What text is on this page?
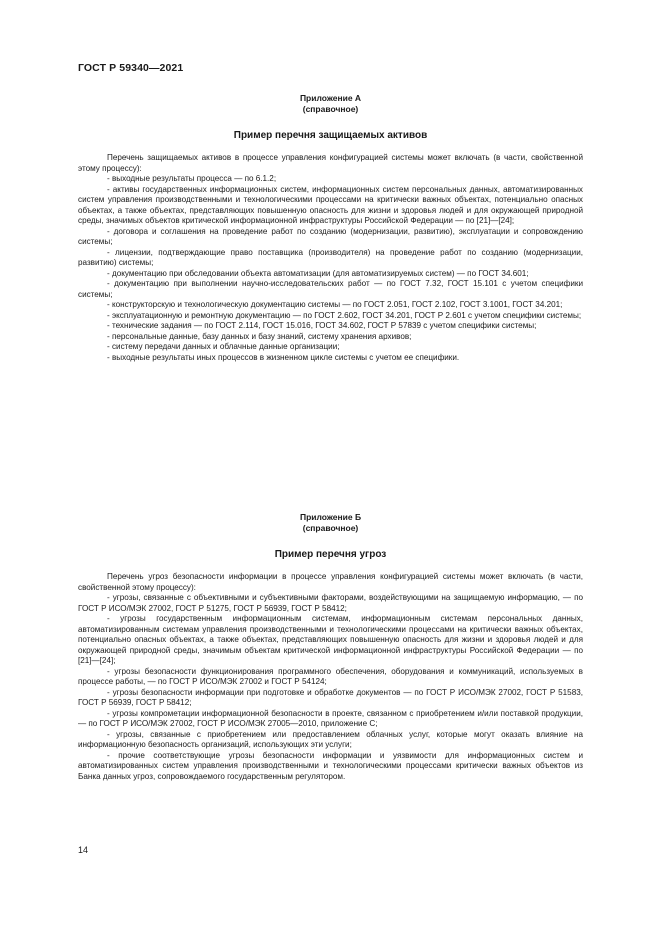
ГОСТ Р 59340—2021
Приложение А
(справочное)
Пример перечня защищаемых активов

Перечень защищаемых активов в процессе управления конфигурацией системы может включать (в части, свойственной этому процессу):

- выходные результаты процесса — по 6.1.2;

- активы государственных информационных систем, информационных систем персональных данных, автоматизированных систем управления производственными и технологическими процессами на критически важных объектах, потенциально опасных объектах, а также объектах, представляющих повышенную опасность для жизни и здоровья людей и для окружающей природной среды, значимых объектов критической информационной инфраструктуры Российской Федерации — по [21]—[24];

- договора и соглашения на проведение работ по созданию (модернизации, развитию), эксплуатации и сопровождению системы;

- лицензии, подтверждающие право поставщика (производителя) на проведение работ по созданию (модернизации, развитию) системы;

- документацию при обследовании объекта автоматизации (для автоматизируемых систем) — по ГОСТ 34.601;

- документацию при выполнении научно-исследовательских работ — по ГОСТ 7.32, ГОСТ 15.101 с учетом специфики системы;

- конструкторскую и технологическую документацию системы — по ГОСТ 2.051, ГОСТ 2.102, ГОСТ 3.1001, ГОСТ 34.201;

- эксплуатационную и ремонтную документацию — по ГОСТ 2.602, ГОСТ 34.201, ГОСТ Р 2.601 с учетом специфики системы;

- технические задания — по ГОСТ 2.114, ГОСТ 15.016, ГОСТ 34.602, ГОСТ Р 57839 с учетом специфики системы;

- персональные данные, базу данных и базу знаний, систему хранения архивов;

- систему передачи данных и облачные данные организации;

- выходные результаты иных процессов в жизненном цикле системы с учетом ее специфики.

Приложение Б
(справочное)
Пример перечня угроз

Перечень угроз безопасности информации в процессе управления конфигурацией системы может включать (в части, свойственной этому процессу):

- угрозы, связанные с объективными и субъективными факторами, воздействующими на защищаемую информацию, — по ГОСТ Р ИСО/МЭК 27002, ГОСТ Р 51275, ГОСТ Р 56939, ГОСТ Р 58412;

- угрозы государственным информационным системам, информационным системам персональных данных, автоматизированным системам управления производственными и технологическими процессами на критически важных объектах, потенциально опасных объектах, а также объектах, представляющих повышенную опасность для жизни и здоровья людей и для окружающей природной среды, значимым объектам критической информационной инфраструктуры Российской Федерации — по [21]—[24];

- угрозы безопасности функционирования программного обеспечения, оборудования и коммуникаций, используемых в процессе работы, — по ГОСТ Р ИСО/МЭК 27002 и ГОСТ Р 54124;

- угрозы безопасности информации при подготовке и обработке документов — по ГОСТ Р ИСО/МЭК 27002, ГОСТ Р 51583, ГОСТ Р 56939, ГОСТ Р 58412;

- угрозы компрометации информационной безопасности в проекте, связанном с приобретением и/или поставкой продукции, — по ГОСТ Р ИСО/МЭК 27002, ГОСТ Р ИСО/МЭК 27005—2010, приложение С;

- угрозы, связанные с приобретением или предоставлением облачных услуг, которые могут оказать влияние на информационную безопасность организаций, использующих эти услуги;

- прочие соответствующие угрозы безопасности информации и уязвимости для информационных систем и автоматизированных систем управления производственными и технологическими процессами критически важных объектов из Банка данных угроз, сопровождаемого государственным регулятором.

14
